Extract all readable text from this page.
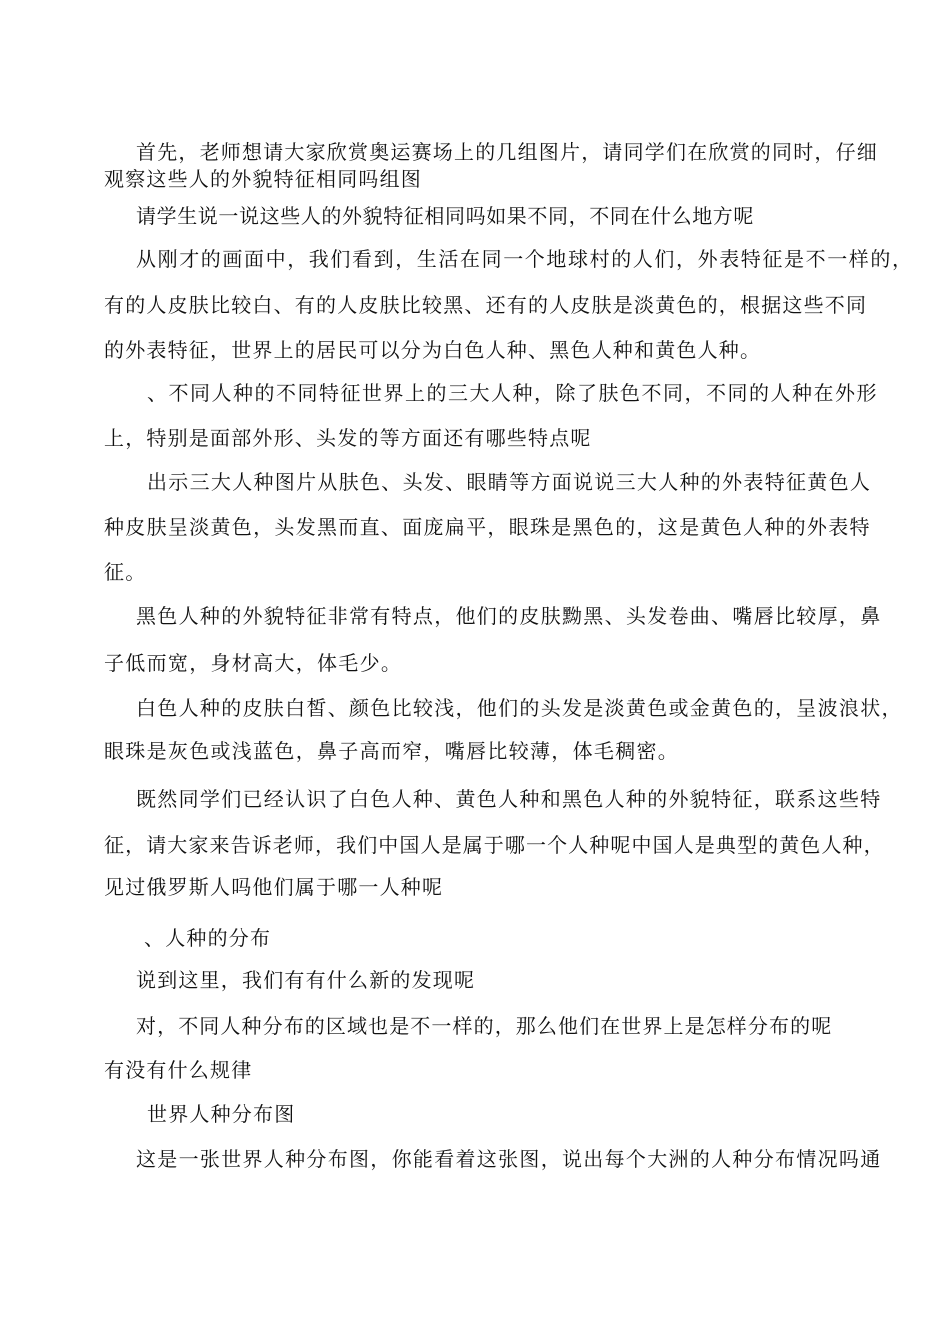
首先，老师想请大家欣赏奥运赛场上的几组图片，请同学们在欣赏的同时，仔细

观察这些人的外貌特征相同吗组图

请学生说一说这些人的外貌特征相同吗如果不同，不同在什么地方呢

从刚才的画面中，我们看到，生活在同一个地球村的人们，外表特征是不一样的，

有的人皮肤比较白、有的人皮肤比较黑、还有的人皮肤是淡黄色的，根据这些不同

的外表特征，世界上的居民可以分为白色人种、黑色人种和黄色人种。

、不同人种的不同特征世界上的三大人种，除了肤色不同，不同的人种在外形

上，特别是面部外形、头发的等方面还有哪些特点呢

出示三大人种图片从肤色、头发、眼睛等方面说说三大人种的外表特征黄色人

种皮肤呈淡黄色，头发黑而直、面庞扁平，眼珠是黑色的，这是黄色人种的外表特

征。

黑色人种的外貌特征非常有特点，他们的皮肤黝黑、头发卷曲、嘴唇比较厚，鼻

子低而宽，身材高大，体毛少。

白色人种的皮肤白皙、颜色比较浅，他们的头发是淡黄色或金黄色的，呈波浪状，

眼珠是灰色或浅蓝色，鼻子高而窄，嘴唇比较薄，体毛稠密。

既然同学们已经认识了白色人种、黄色人种和黑色人种的外貌特征，联系这些特

征，请大家来告诉老师，我们中国人是属于哪一个人种呢中国人是典型的黄色人种，

见过俄罗斯人吗他们属于哪一人种呢

、人种的分布

说到这里，我们有有什么新的发现呢

对，不同人种分布的区域也是不一样的，那么他们在世界上是怎样分布的呢

有没有什么规律

世界人种分布图

这是一张世界人种分布图，你能看着这张图，说出每个大洲的人种分布情况吗通
